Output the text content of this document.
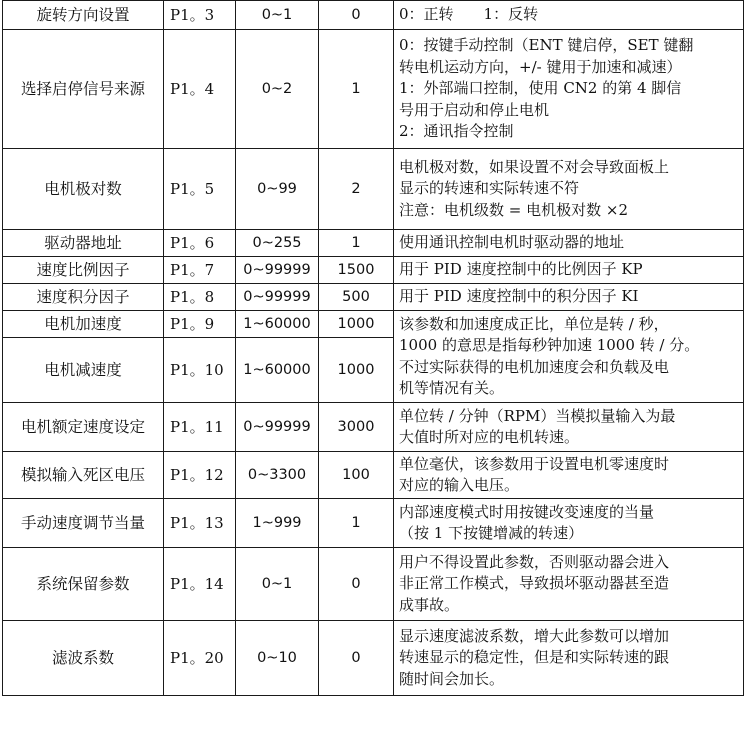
旋转方向设置	P1。3	0~1	0	0：正转　　1：反转

选择启停信号来源	P1。4	0~2	1	0：按键手动控制（ENT 键启停，SET 键翻
转电机运动方向，+/- 键用于加速和减速）
1：外部端口控制，使用 CN2 的第 4 脚信
号用于启动和停止电机
2：通讯指令控制

电机极对数	P1。5	0~99	2	电机极对数，如果设置不对会导致面板上
显示的转速和实际转速不符
注意：电机级数 = 电机极对数 ×2

驱动器地址	P1。6	0~255	1	使用通讯控制电机时驱动器的地址

速度比例因子	P1。7	0~99999	1500	用于 PID 速度控制中的比例因子 KP

速度积分因子	P1。8	0~99999	500	用于 PID 速度控制中的积分因子 KI

电机加速度	P1。9	1~60000	1000	该参数和加速度成正比，单位是转 / 秒，
1000 的意思是指每秒钟加速 1000 转 / 分。
不过实际获得的电机加速度会和负载及电
机等情况有关。

电机减速度	P1。10	1~60000	1000	
电机额定速度设定	P1。11	0~99999	3000	单位转 / 分钟（RPM）当模拟量输入为最
大值时所对应的电机转速。

模拟输入死区电压	P1。12	0~3300	100	单位毫伏，该参数用于设置电机零速度时
对应的输入电压。

手动速度调节当量	P1。13	1~999	1	内部速度模式时用按键改变速度的当量
（按 1 下按键增减的转速）

系统保留参数	P1。14	0~1	0	用户不得设置此参数，否则驱动器会进入
非正常工作模式，导致损坏驱动器甚至造
成事故。

滤波系数	P1。20	0~10	0	显示速度滤波系数，增大此参数可以增加
转速显示的稳定性，但是和实际转速的跟
随时间会加长。
